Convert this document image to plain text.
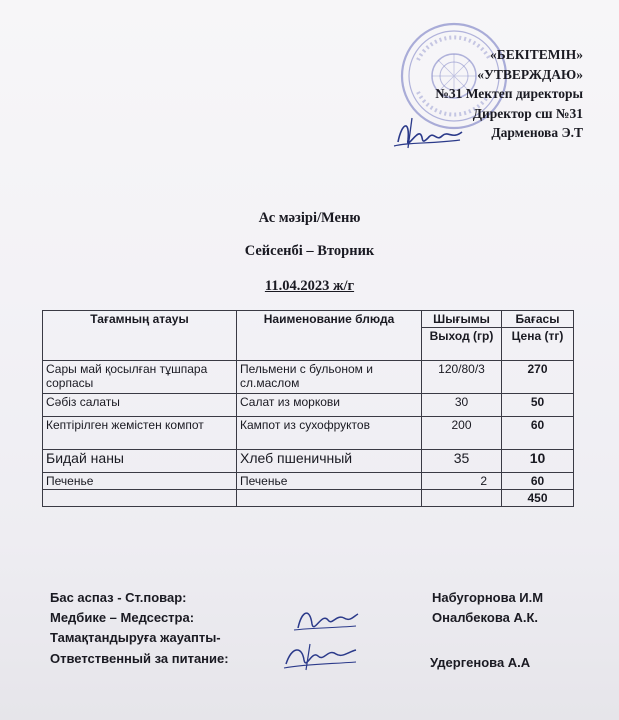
«БЕКІТЕМІН»
«УТВЕРЖДАЮ»
№31 Мектеп директоры
Директор сш №31
Дарменова Э.Т
Ас мәзірі/Меню
Сейсенбі – Вторник
11.04.2023 ж/г
Тағамның атауы	Наименование блюда	Шығымы	Бағасы
		Выход (гр)	Цена (тг)
Сары май қосылған тұшпара сорпасы	Пельмени с бульоном и сл.маслом	120/80/3	270
Сәбіз салаты	Салат из моркови	30	50
Кептірілген жемістен компот	Кампот из сухофруктов	200	60
Бидай наны	Хлеб пшеничный	35	10
Печенье	Печенье	2	60
			450
Бас аспаз - Ст.повар:	Набугорнова И.М
Медбике – Медсестра:	Оналбекова А.К.
Тамақтандыруға жауапты-
Ответственный за питание:	Удергенова А.А
